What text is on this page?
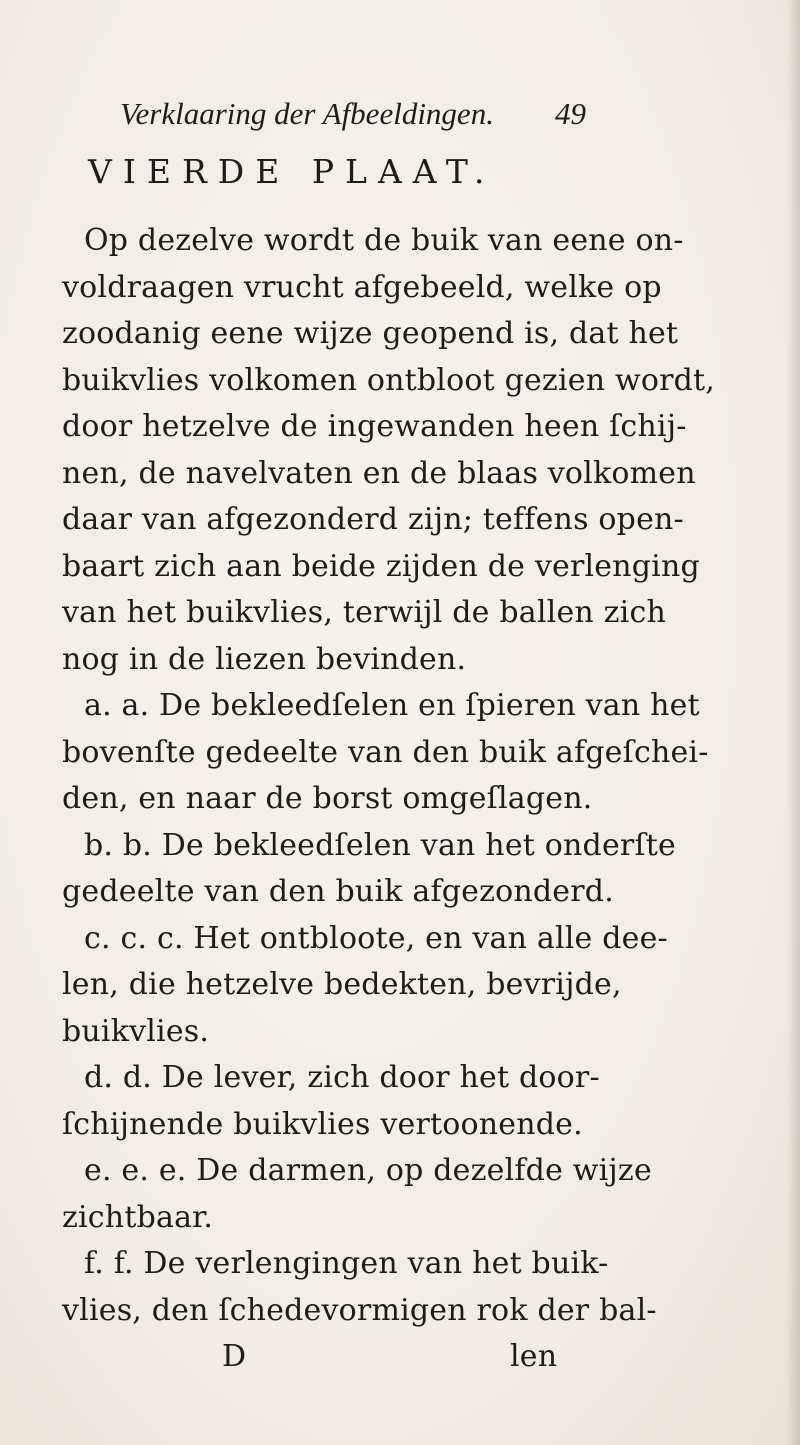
Verklaaring der Afbeeldingen. 49
VIERDE PLAAT.
Op dezelve wordt de buik van eene on-
voldraagen vrucht afgebeeld, welke op
zoodanig eene wijze geopend is, dat het
buikvlies volkomen ontbloot gezien wordt,
door hetzelve de ingewanden heen ſchij-
nen, de navelvaten en de blaas volkomen
daar van afgezonderd zijn; teffens open-
baart zich aan beide zijden de verlenging
van het buikvlies, terwijl de ballen zich
nog in de liezen bevinden.
a. a. De bekleedſelen en ſpieren van het
bovenſte gedeelte van den buik afgeſchei-
den, en naar de borst omgeſlagen.
b. b. De bekleedſelen van het onderſte
gedeelte van den buik afgezonderd.
c. c. c. Het ontbloote, en van alle dee-
len, die hetzelve bedekten, bevrijde,
buikvlies.
d. d. De lever, zich door het door-
ſchijnende buikvlies vertoonende.
e. e. e. De darmen, op dezelfde wijze
zichtbaar.
f. f. De verlengingen van het buik-
vlies, den ſchedevormigen rok der bal-
D	len
